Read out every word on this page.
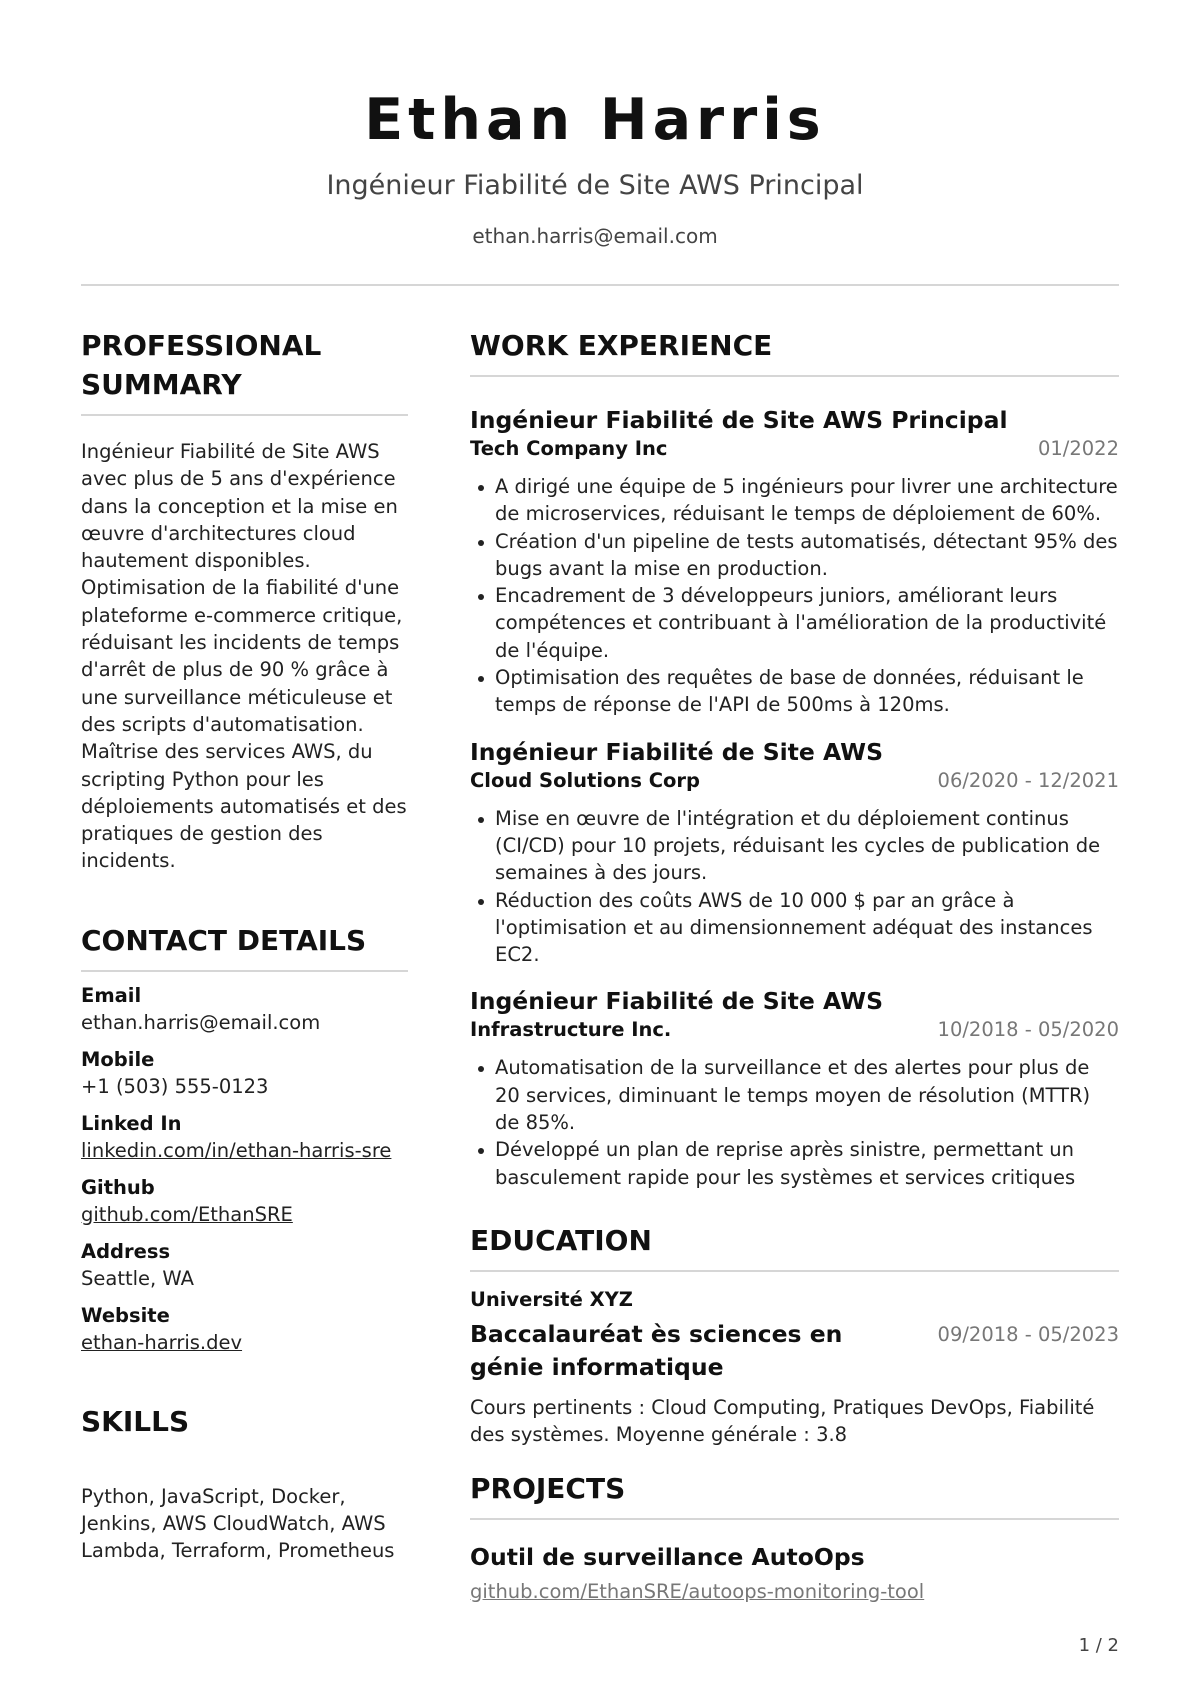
Ethan Harris
Ingénieur Fiabilité de Site AWS Principal
ethan.harris@email.com
PROFESSIONAL SUMMARY
Ingénieur Fiabilité de Site AWS avec plus de 5 ans d'expérience dans la conception et la mise en œuvre d'architectures cloud hautement disponibles. Optimisation de la fiabilité d'une plateforme e-commerce critique, réduisant les incidents de temps d'arrêt de plus de 90 % grâce à une surveillance méticuleuse et des scripts d'automatisation. Maîtrise des services AWS, du scripting Python pour les déploiements automatisés et des pratiques de gestion des incidents.
CONTACT DETAILS
Email
ethan.harris@email.com
Mobile
+1 (503) 555-0123
Linked In
linkedin.com/in/ethan-harris-sre
Github
github.com/EthanSRE
Address
Seattle, WA
Website
ethan-harris.dev
SKILLS
Python, JavaScript, Docker, Jenkins, AWS CloudWatch, AWS Lambda, Terraform, Prometheus
WORK EXPERIENCE
Ingénieur Fiabilité de Site AWS Principal
Tech Company Inc	01/2022
A dirigé une équipe de 5 ingénieurs pour livrer une architecture de microservices, réduisant le temps de déploiement de 60%.
Création d'un pipeline de tests automatisés, détectant 95% des bugs avant la mise en production.
Encadrement de 3 développeurs juniors, améliorant leurs compétences et contribuant à l'amélioration de la productivité de l'équipe.
Optimisation des requêtes de base de données, réduisant le temps de réponse de l'API de 500ms à 120ms.
Ingénieur Fiabilité de Site AWS
Cloud Solutions Corp	06/2020 - 12/2021
Mise en œuvre de l'intégration et du déploiement continus (CI/CD) pour 10 projets, réduisant les cycles de publication de semaines à des jours.
Réduction des coûts AWS de 10 000 $ par an grâce à l'optimisation et au dimensionnement adéquat des instances EC2.
Ingénieur Fiabilité de Site AWS
Infrastructure Inc.	10/2018 - 05/2020
Automatisation de la surveillance et des alertes pour plus de 20 services, diminuant le temps moyen de résolution (MTTR) de 85%.
Développé un plan de reprise après sinistre, permettant un basculement rapide pour les systèmes et services critiques
EDUCATION
Université XYZ
Baccalauréat ès sciences en génie informatique
09/2018 - 05/2023
Cours pertinents : Cloud Computing, Pratiques DevOps, Fiabilité des systèmes. Moyenne générale : 3.8
PROJECTS
Outil de surveillance AutoOps
github.com/EthanSRE/autoops-monitoring-tool
1 / 2
